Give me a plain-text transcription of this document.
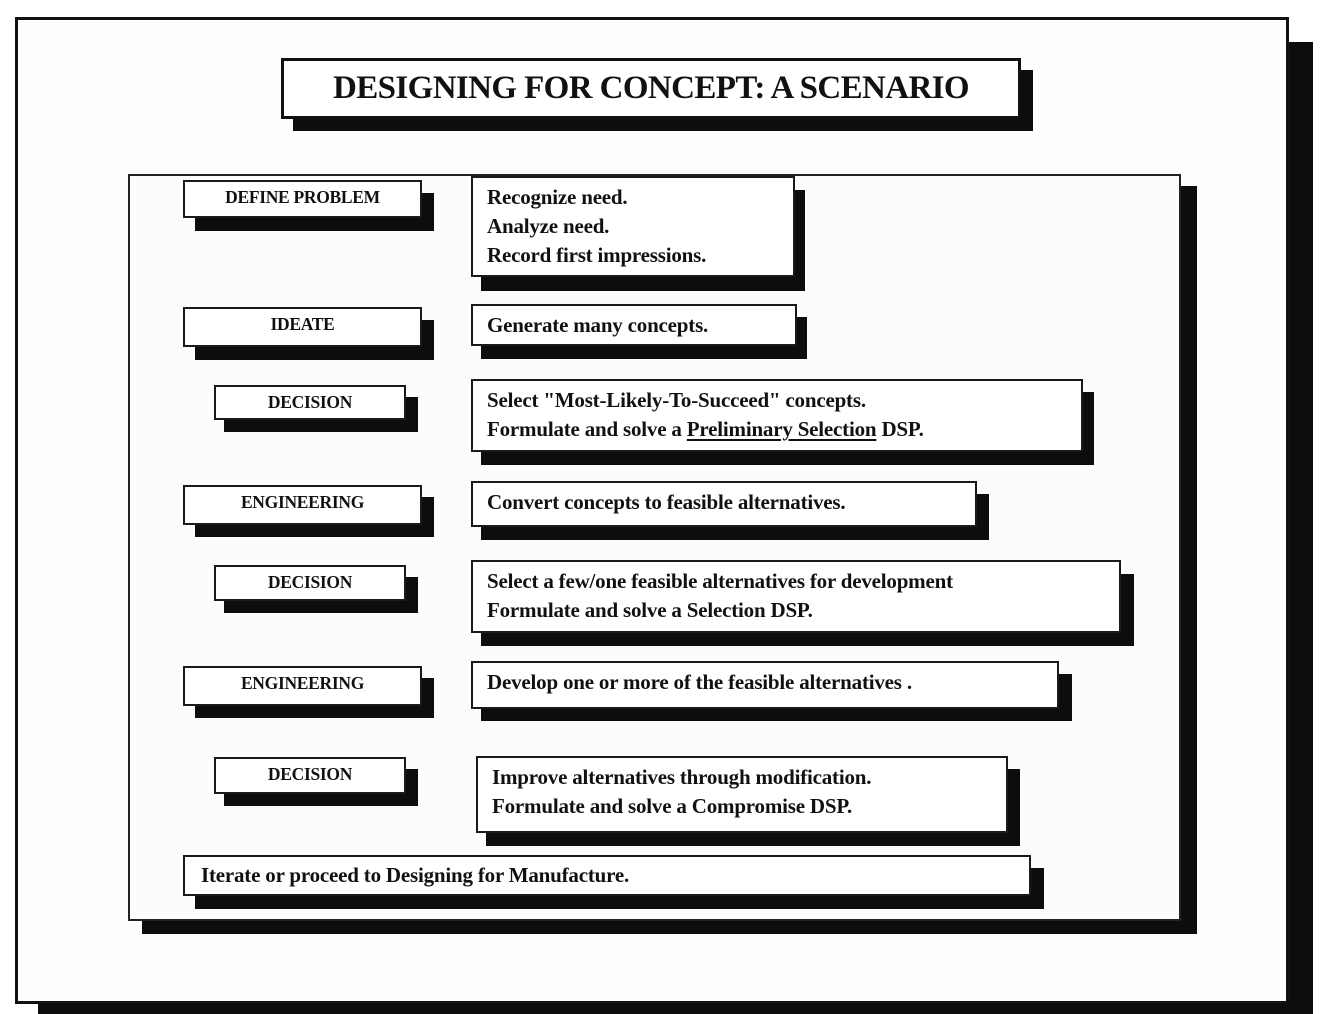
DESIGNING FOR CONCEPT: A SCENARIO
DEFINE PROBLEM	Recognize need.
Analyze need.
Record first impressions.
IDEATE	Generate many concepts.
DECISION	Select "Most-Likely-To-Succeed" concepts.
Formulate and solve a Preliminary Selection DSP.
ENGINEERING	Convert concepts to feasible alternatives.
DECISION	Select a few/one feasible alternatives for development
Formulate and solve a Selection DSP.
ENGINEERING	Develop one or more of the feasible alternatives .
DECISION	Improve alternatives through modification.
Formulate and solve a Compromise DSP.
Iterate or proceed to Designing for Manufacture.
